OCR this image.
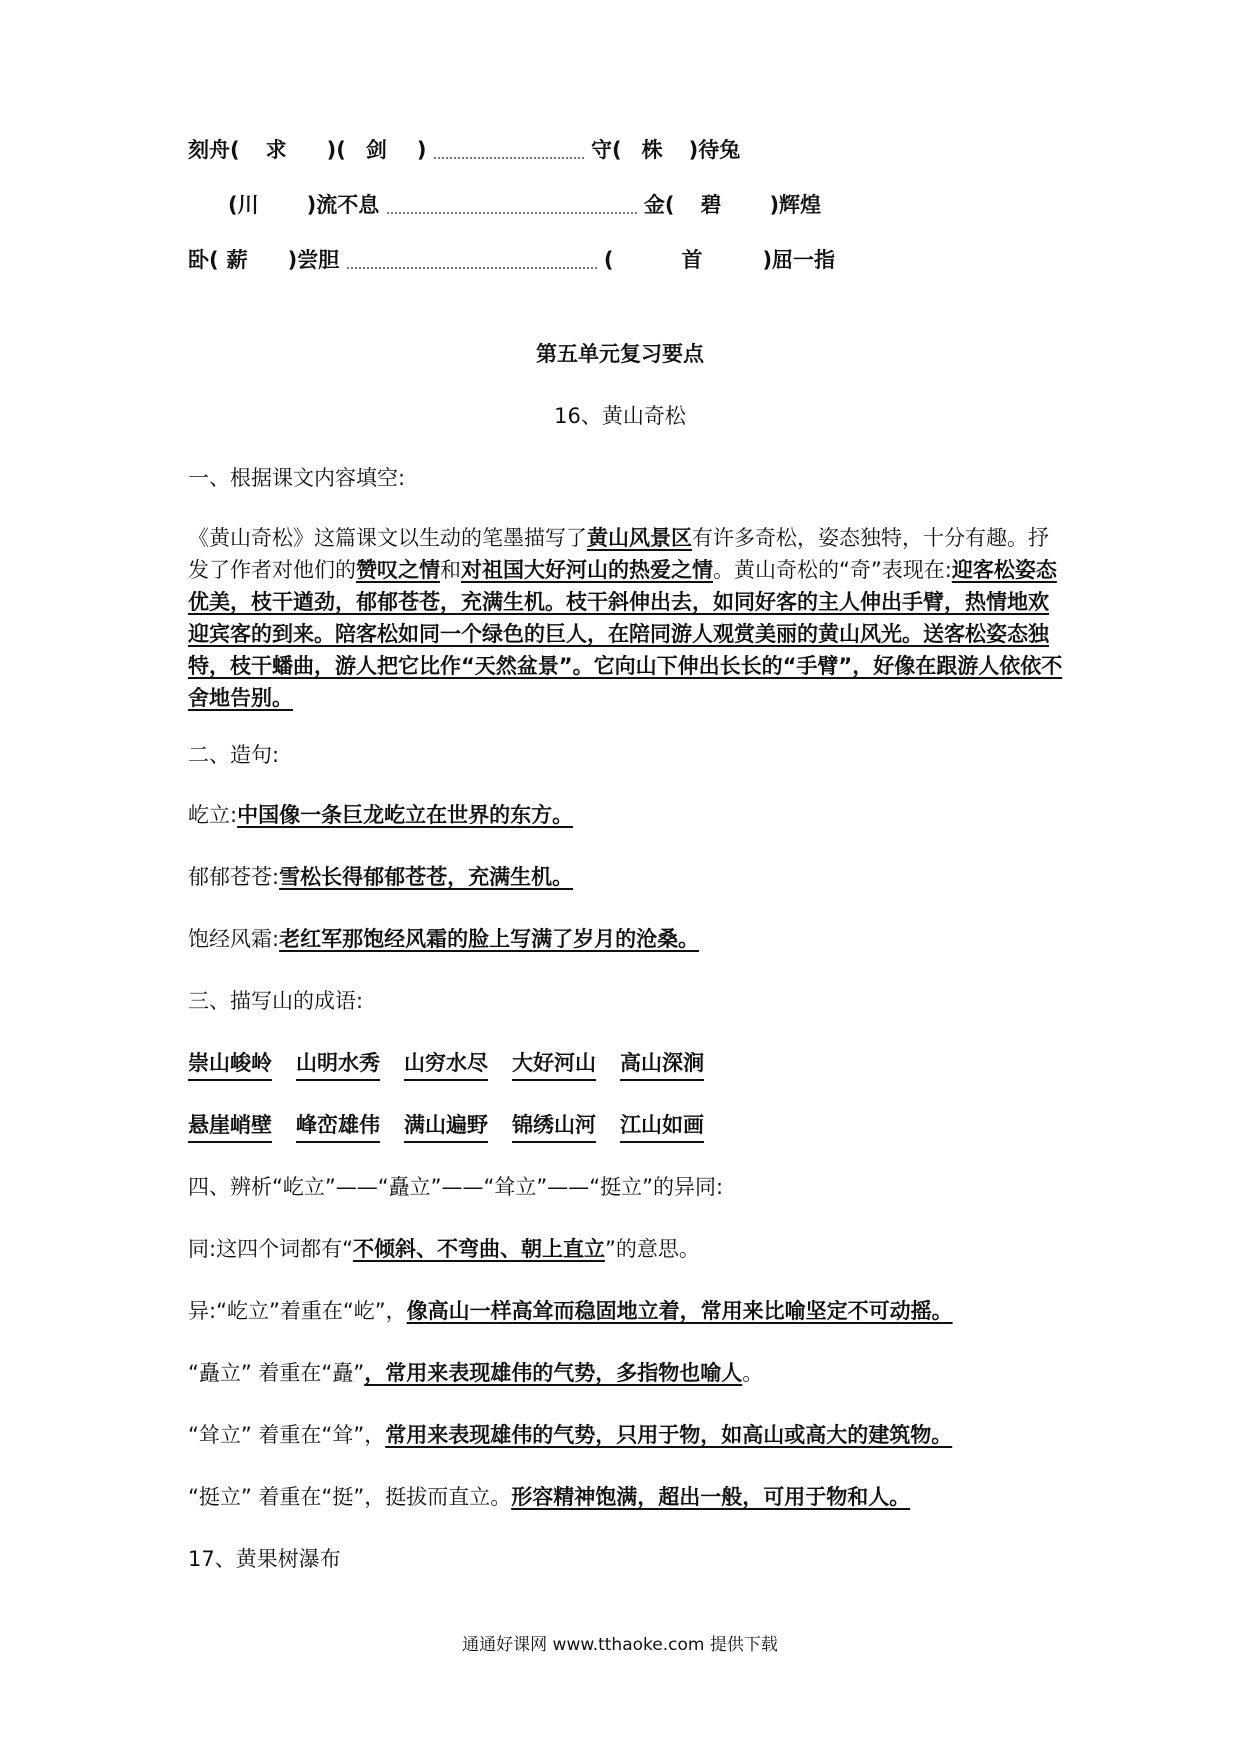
刻舟( 求 )( 剑 )	守( 株 )待兔
(川 )流不息	金( 碧 )辉煌
卧( 薪 )尝胆	(	首	)屈一指
第五单元复习要点
16、黄山奇松
一、根据课文内容填空:
《黄山奇松》这篇课文以生动的笔墨描写了黄山风景区有许多奇松，姿态独特，十分有趣。抒发了作者对他们的赞叹之情和对祖国大好河山的热爱之情。黄山奇松的“奇”表现在:迎客松姿态优美，枝干遒劲，郁郁苍苍，充满生机。枝干斜伸出去，如同好客的主人伸出手臂，热情地欢迎宾客的到来。陪客松如同一个绿色的巨人，在陪同游人观赏美丽的黄山风光。送客松姿态独特，枝干蟠曲，游人把它比作“天然盆景”。它向山下伸出长长的“手臂”，好像在跟游人依依不舍地告别。
二、造句:
屹立:中国像一条巨龙屹立在世界的东方。
郁郁苍苍:雪松长得郁郁苍苍，充满生机。
饱经风霜:老红军那饱经风霜的脸上写满了岁月的沧桑。
三、描写山的成语:
崇山峻岭 山明水秀 山穷水尽 大好河山 高山深涧
悬崖峭壁 峰峦雄伟 满山遍野 锦绣山河 江山如画
四、辨析“屹立”——“矗立”——“耸立”——“挺立”的异同:
同:这四个词都有“不倾斜、不弯曲、朝上直立”的意思。
异:“屹立”着重在“屹”，像高山一样高耸而稳固地立着，常用来比喻坚定不可动摇。
“矗立” 着重在“矗”，常用来表现雄伟的气势，多指物也喻人。
“耸立” 着重在“耸”，常用来表现雄伟的气势，只用于物，如高山或高大的建筑物。
“挺立” 着重在“挺”，挺拔而直立。形容精神饱满，超出一般，可用于物和人。
17、黄果树瀑布
通通好课网 www.tthaoke.com 提供下载
